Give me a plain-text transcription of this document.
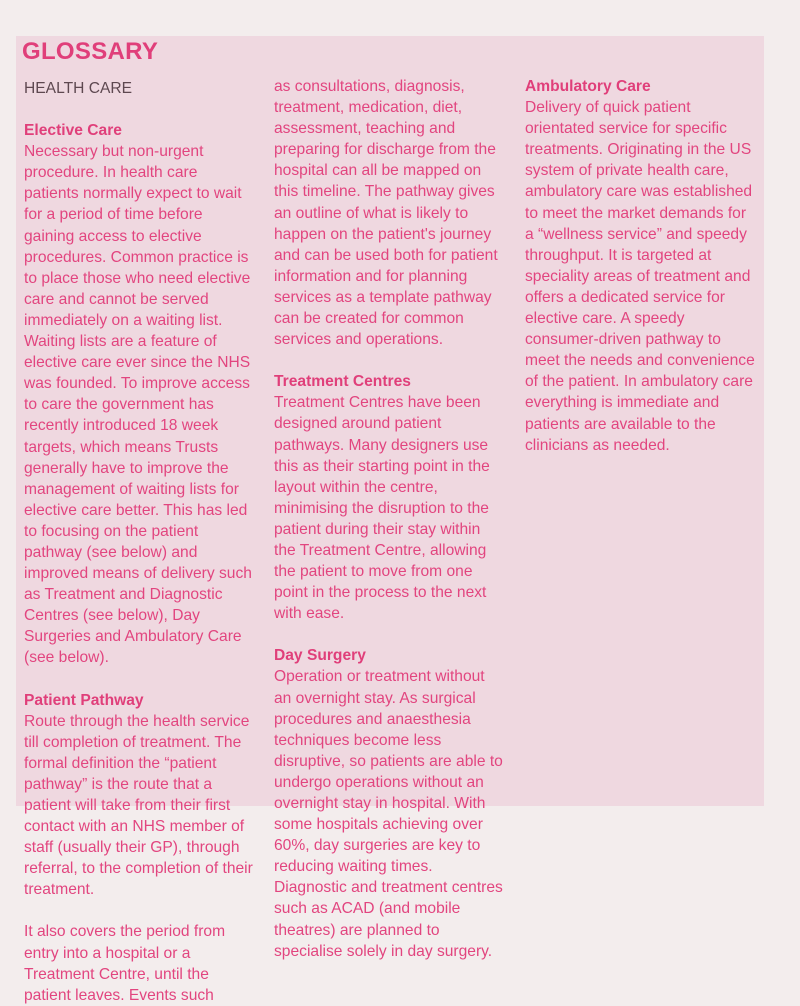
GLOSSARY

HEALTH CARE

Elective Care

Necessary but non-urgent procedure. In health care patients normally expect to wait for a period of time before gaining access to elective procedures. Common practice is to place those who need elective care and cannot be served immediately on a waiting list. Waiting lists are a feature of elective care ever since the NHS was founded. To improve access to care the government has recently introduced 18 week targets, which means Trusts generally have to improve the management of waiting lists for elective care better. This has led to focusing on the patient pathway (see below) and improved means of delivery such as Treatment and Diagnostic Centres (see below), Day Surgeries and Ambulatory Care (see below).

Patient Pathway

Route through the health service till completion of treatment. The formal definition the “patient pathway” is the route that a patient will take from their first contact with an NHS member of staff (usually their GP), through referral, to the completion of their treatment.

It also covers the period from entry into a hospital or a Treatment Centre, until the patient leaves. Events such

as consultations, diagnosis, treatment, medication, diet, assessment, teaching and preparing for discharge from the hospital can all be mapped on this timeline. The pathway gives an outline of what is likely to happen on the patient's journey and can be used both for patient information and for planning services as a template pathway can be created for common services and operations.

Treatment Centres

Treatment Centres have been designed around patient pathways. Many designers use this as their starting point in the layout within the centre, minimising the disruption to the patient during their stay within the Treatment Centre, allowing the patient to move from one point in the process to the next with ease.

Day Surgery

Operation or treatment without an overnight stay. As surgical procedures and anaesthesia techniques become less disruptive, so patients are able to undergo operations without an overnight stay in hospital. With some hospitals achieving over 60%, day surgeries are key to reducing waiting times. Diagnostic and treatment centres such as ACAD (and mobile theatres) are planned to specialise solely in day surgery.

Ambulatory Care

Delivery of quick patient orientated service for specific treatments. Originating in the US system of private health care, ambulatory care was established to meet the market demands for a “wellness service” and speedy throughput. It is targeted at speciality areas of treatment and offers a dedicated service for elective care. A speedy consumer-driven pathway to meet the needs and convenience of the patient. In ambulatory care everything is immediate and patients are available to the clinicians as needed.
